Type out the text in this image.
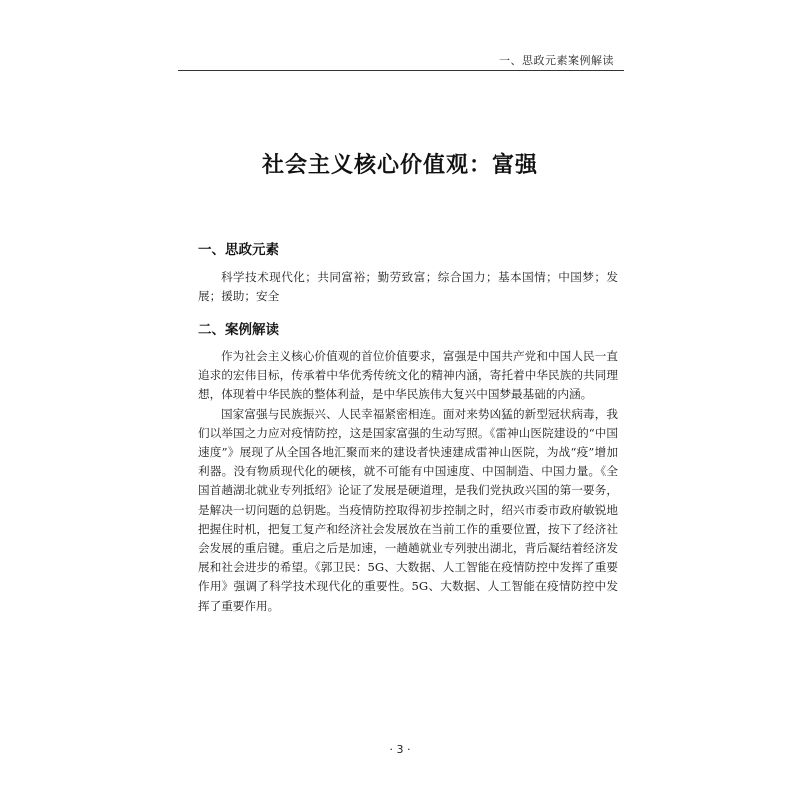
一、思政元素案例解读
社会主义核心价值观：富强
一、思政元素

科学技术现代化；共同富裕；勤劳致富；综合国力；基本国情；中国梦；发展；援助；安全

二、案例解读

作为社会主义核心价值观的首位价值要求，富强是中国共产党和中国人民一直追求的宏伟目标，传承着中华优秀传统文化的精神内涵，寄托着中华民族的共同理想，体现着中华民族的整体利益，是中华民族伟大复兴中国梦最基础的内涵。

国家富强与民族振兴、人民幸福紧密相连。面对来势凶猛的新型冠状病毒，我们以举国之力应对疫情防控，这是国家富强的生动写照。《雷神山医院建设的“中国速度”》展现了从全国各地汇聚而来的建设者快速建成雷神山医院，为战“疫”增加利器。没有物质现代化的硬核，就不可能有中国速度、中国制造、中国力量。《全国首趟湖北就业专列抵绍》论证了发展是硬道理，是我们党执政兴国的第一要务，是解决一切问题的总钥匙。当疫情防控取得初步控制之时，绍兴市委市政府敏锐地把握住时机，把复工复产和经济社会发展放在当前工作的重要位置，按下了经济社会发展的重启键。重启之后是加速，一趟趟就业专列驶出湖北，背后凝结着经济发展和社会进步的希望。《郭卫民：5G、大数据、人工智能在疫情防控中发挥了重要作用》强调了科学技术现代化的重要性。5G、大数据、人工智能在疫情防控中发挥了重要作用。

· 3 ·
